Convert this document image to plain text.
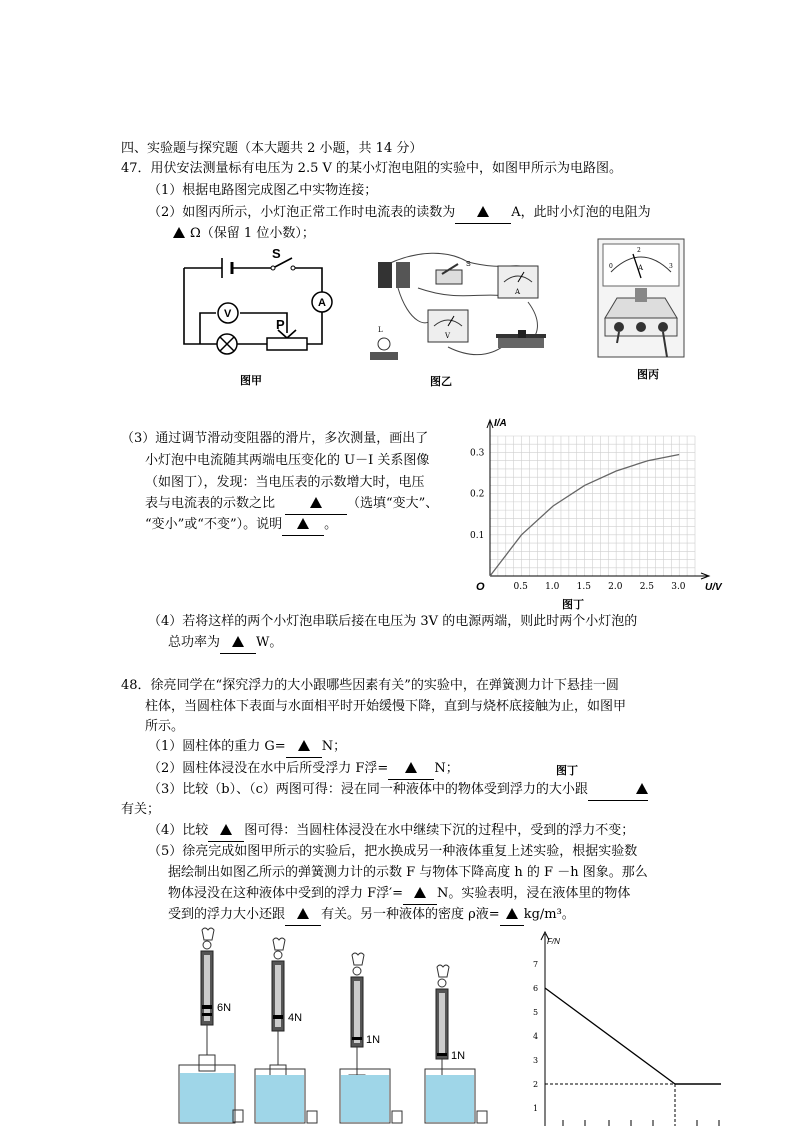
四、实验题与探究题（本大题共 2 小题，共 14 分）
47．用伏安法测量标有电压为 2.5 V 的某小灯泡电阻的实验中，如图甲所示为电路图。
（1）根据电路图完成图乙中实物连接；
（2）如图丙所示，小灯泡正常工作时电流表的读数为	A，此时小灯泡的电阻为
Ω（保留 1 位小数）；
A
V
S
P
图甲
S
A
V
L
图乙
0
2
3
A
图丙
（3）通过调节滑动变阻器的滑片，多次测量，画出了
小灯泡中电流随其两端电压变化的 U－I 关系图像
（如图丁），发现：当电压表的示数增大时，电压
表与电流表的示数之比	（选填“变大”、
“变小”或“不变”）。说明	。
0.5 1.0 1.5 2.0 2.5 3.0
0.1
0.2
0.3
I/A
U/V
O
图丁
（4）若将这样的两个小灯泡串联后接在电压为 3V 的电源两端，则此时两个小灯泡的
总功率为	W。
48．徐亮同学在“探究浮力的大小跟哪些因素有关”的实验中，在弹簧测力计下悬挂一圆
柱体，当圆柱体下表面与水面相平时开始缓慢下降，直到与烧杯底接触为止，如图甲
所示。
（1）圆柱体的重力 G=	N；
（2）圆柱体浸没在水中后所受浮力 F浮=	N；	图丁
（3）比较（b）、（c）两图可得：浸在同一种液体中的物体受到浮力的大小跟
有关；
（4）比较	图可得：当圆柱体浸没在水中继续下沉的过程中，受到的浮力不变；
（5）徐亮完成如图甲所示的实验后，把水换成另一种液体重复上述实验，根据实验数
据绘制出如图乙所示的弹簧测力计的示数 F 与物体下降高度 h 的 F －h 图象。那么
物体浸没在这种液体中受到的浮力 F浮′=	N。实验表明，浸在液体里的物体
受到的浮力大小还跟	有关。另一种液体的密度 ρ液= kg/m³。
6N
4N
1N
1N
1
2
3
4
5
6
7
F/N
